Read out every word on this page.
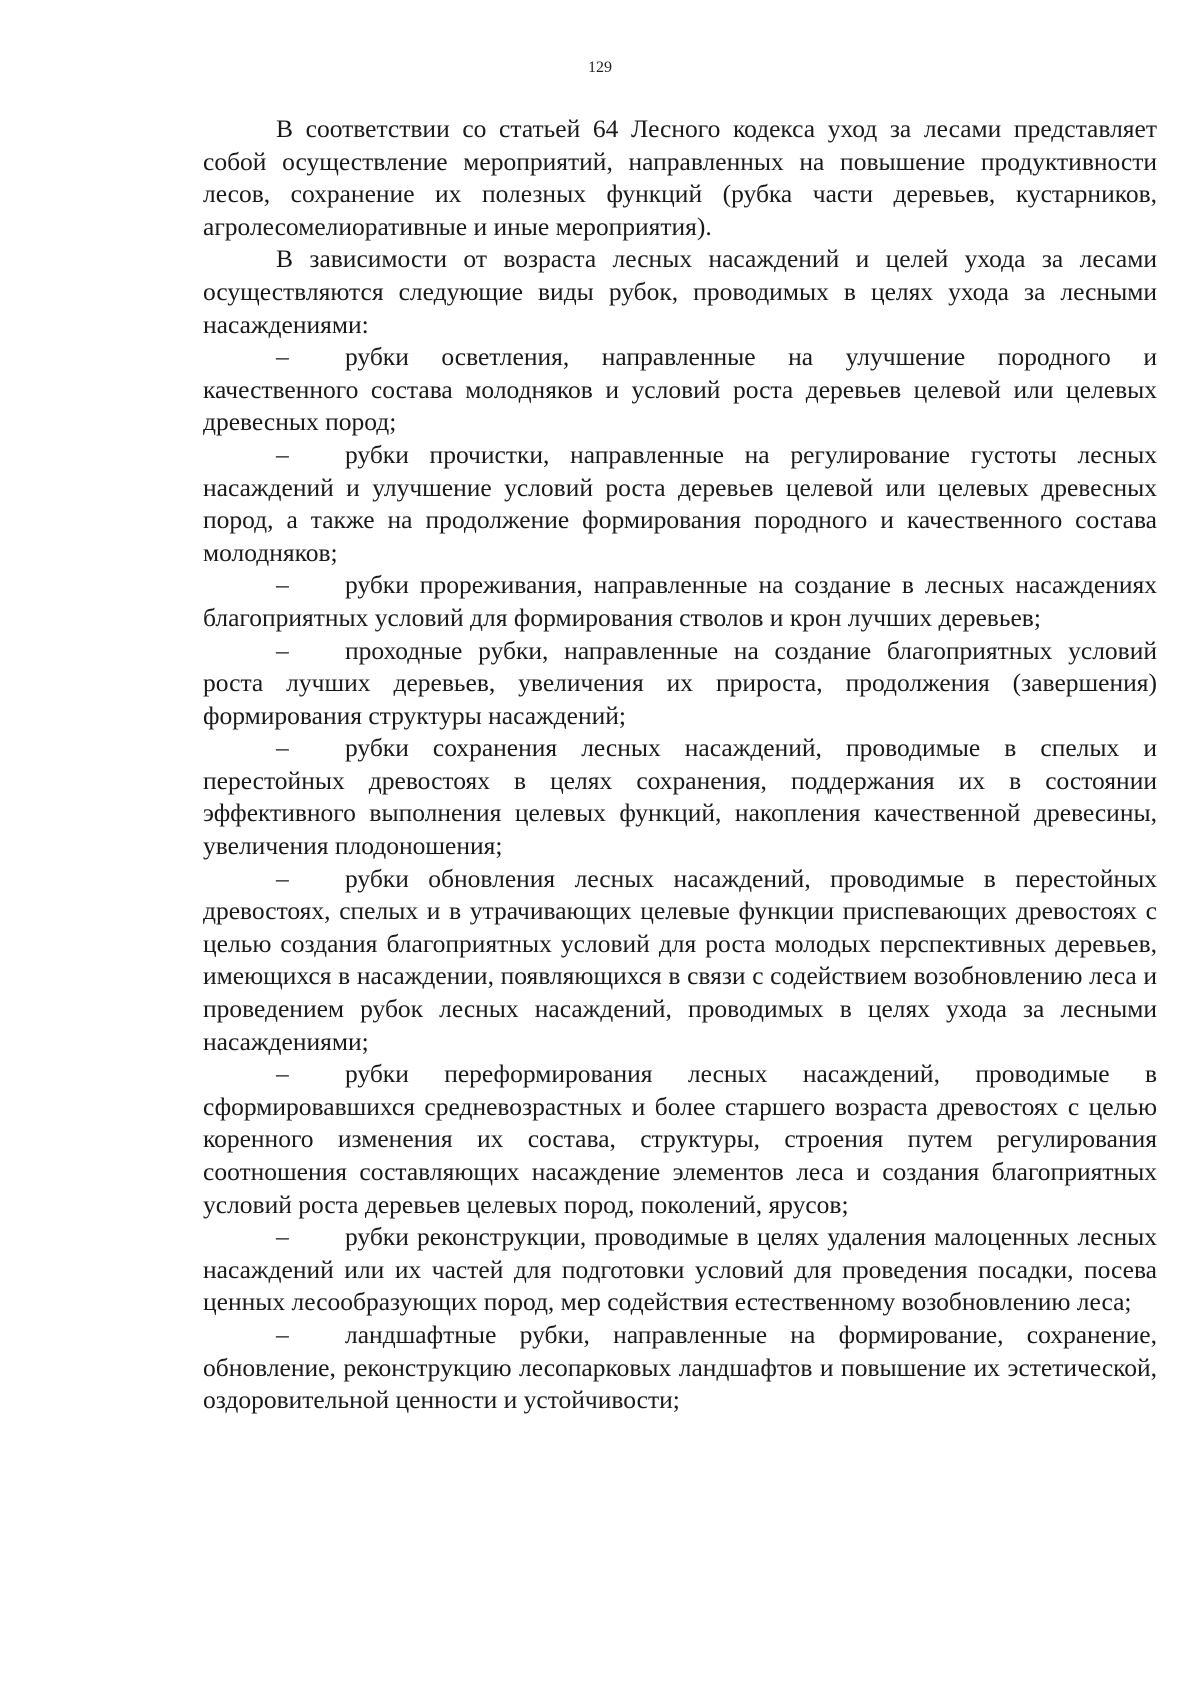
129

В соответствии со статьей 64 Лесного кодекса уход за лесами представляет собой осуществление мероприятий, направленных на повышение продуктивности лесов, сохранение их полезных функций (рубка части деревьев, кустарников, агролесомелиоративные и иные мероприятия).

В зависимости от возраста лесных насаждений и целей ухода за лесами осуществляются следующие виды рубок, проводимых в целях ухода за лесными насаждениями:

– рубки осветления, направленные на улучшение породного и качественного состава молодняков и условий роста деревьев целевой или целевых древесных пород;

– рубки прочистки, направленные на регулирование густоты лесных насаждений и улучшение условий роста деревьев целевой или целевых древесных пород, а также на продолжение формирования породного и качественного состава молодняков;

– рубки прореживания, направленные на создание в лесных насаждениях благоприятных условий для формирования стволов и крон лучших деревьев;

– проходные рубки, направленные на создание благоприятных условий роста лучших деревьев, увеличения их прироста, продолжения (завершения) формирования структуры насаждений;

– рубки сохранения лесных насаждений, проводимые в спелых и перестойных древостоях в целях сохранения, поддержания их в состоянии эффективного выполнения целевых функций, накопления качественной древесины, увеличения плодоношения;

– рубки обновления лесных насаждений, проводимые в перестойных древостоях, спелых и в утрачивающих целевые функции приспевающих древостоях с целью создания благоприятных условий для роста молодых перспективных деревьев, имеющихся в насаждении, появляющихся в связи с содействием возобновлению леса и проведением рубок лесных насаждений, проводимых в целях ухода за лесными насаждениями;

– рубки переформирования лесных насаждений, проводимые в сформировавшихся средневозрастных и более старшего возраста древостоях с целью коренного изменения их состава, структуры, строения путем регулирования соотношения составляющих насаждение элементов леса и создания благоприятных условий роста деревьев целевых пород, поколений, ярусов;

– рубки реконструкции, проводимые в целях удаления малоценных лесных насаждений или их частей для подготовки условий для проведения посадки, посева ценных лесообразующих пород, мер содействия естественному возобновлению леса;

– ландшафтные рубки, направленные на формирование, сохранение, обновление, реконструкцию лесопарковых ландшафтов и повышение их эстетической, оздоровительной ценности и устойчивости;
